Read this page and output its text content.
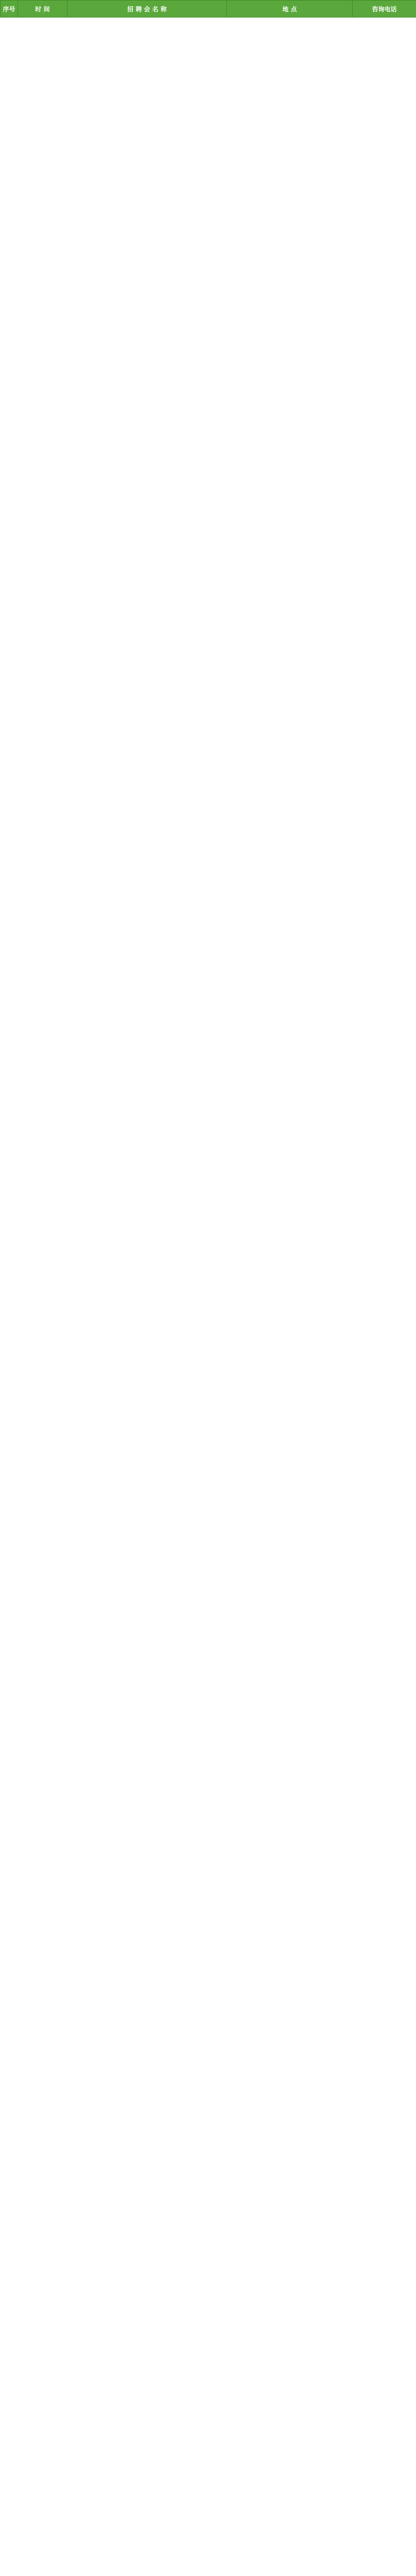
序号	时 间	招 聘 会 名 称	地 点	咨询电话
